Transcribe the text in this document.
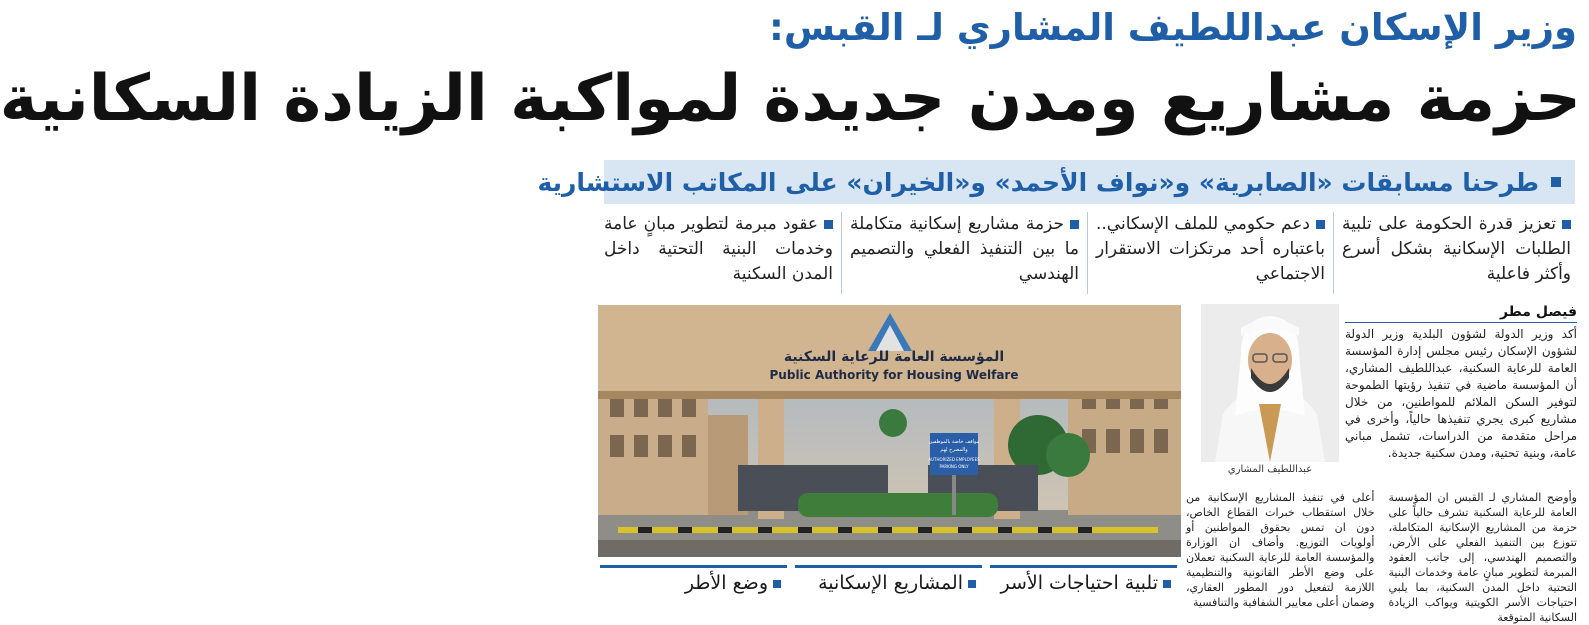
وزير الإسكان عبداللطيف المشاري لـ القبس:
حزمة مشاريع ومدن جديدة لمواكبة الزيادة السكانية
طرحنا مسابقات «الصابرية» و«نواف الأحمد» و«الخيران» على المكاتب الاستشارية
تعزيز قدرة الحكومة على تلبية الطلبات الإسكانية بشكل أسرع وأكثر فاعلية
دعم حكومي للملف الإسكاني.. باعتباره أحد مرتكزات الاستقرار الاجتماعي
حزمة مشاريع إسكانية متكاملة ما بين التنفيذ الفعلي والتصميم الهندسي
عقود مبرمة لتطوير مبانٍ عامة وخدمات البنية التحتية داخل المدن السكنية
المؤسسة العامة للرعاية السكنية
Public Authority for Housing Welfare
مواقف خاصة بالموظفين
والمصرح لهم
AUTHORIZED EMPLOYEES
PARKING ONLY	عبداللطيف المشاري
فيصل مطر
أكد وزير الدولة لشؤون البلدية وزير الدولة لشؤون الإسكان رئيس مجلس إدارة المؤسسة العامة للرعاية السكنية، عبداللطيف المشاري، أن المؤسسة ماضية في تنفيذ رؤيتها الطموحة لتوفير السكن الملائم للمواطنين، من خلال مشاريع كبرى يجري تنفيذها حالياً، وأخرى في مراحل متقدمة من الدراسات، تشمل مباني عامة، وبنية تحتية، ومدن سكنية جديدة.
وأوضح المشاري لـ القبس ان المؤسسة العامة للرعاية السكنية تشرف حالياً على حزمة من المشاريع الإسكانية المتكاملة، تتوزع بين التنفيذ الفعلي على الأرض، والتصميم الهندسي، إلى جانب العقود المبرمة لتطوير مبانٍ عامة وخدمات البنية التحتية داخل المدن السكنية، بما يلبي احتياجات الأسر الكويتية ويواكب الزيادة السكانية المتوقعة
أعلى في تنفيذ المشاريع الإسكانية من خلال استقطاب خبرات القطاع الخاص، دون ان تمس بحقوق المواطنين أو أولويات التوزيع. وأضاف ان الوزارة والمؤسسة العامة للرعاية السكنية تعملان على وضع الأطر القانونية والتنظيمية اللازمة لتفعيل دور المطور العقاري، وضمان أعلى معايير الشفافية والتنافسية
تلبية احتياجات الأسر
المشاريع الإسكانية
وضع الأطر
